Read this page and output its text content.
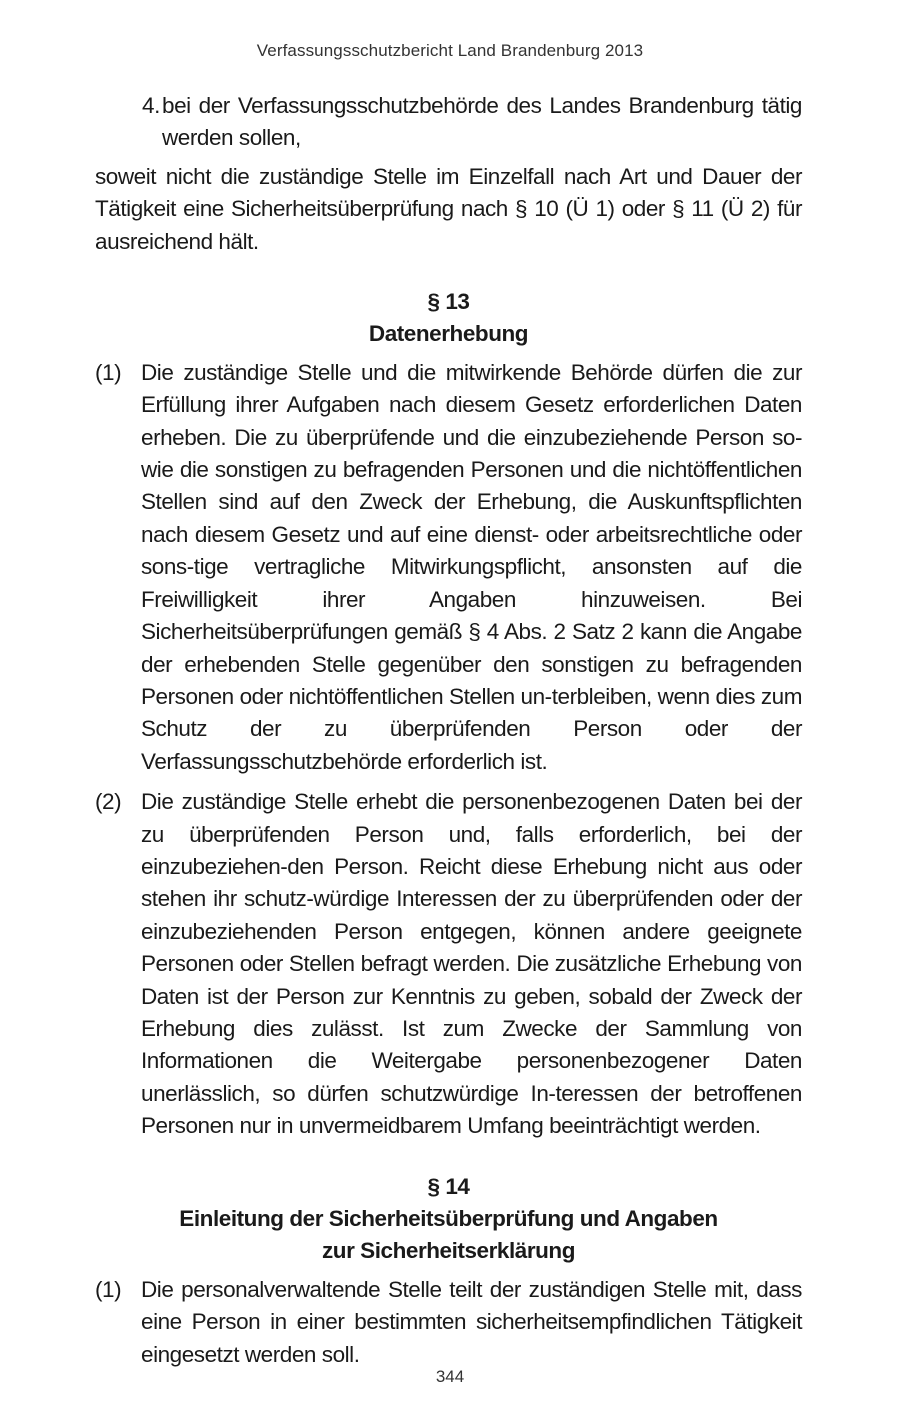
Verfassungsschutzbericht Land Brandenburg 2013
4. bei der Verfassungsschutzbehörde des Landes Brandenburg tätig werden sollen,

soweit nicht die zuständige Stelle im Einzelfall nach Art und Dauer der Tätigkeit eine Sicherheitsüberprüfung nach § 10 (Ü 1) oder § 11 (Ü 2) für ausreichend hält.

§ 13
Datenerhebung
(1) Die zuständige Stelle und die mitwirkende Behörde dürfen die zur Erfüllung ihrer Aufgaben nach diesem Gesetz erforderlichen Daten erheben. Die zu überprüfende und die einzubeziehende Person so-wie die sonstigen zu befragenden Personen und die nichtöffentlichen Stellen sind auf den Zweck der Erhebung, die Auskunftspflichten nach diesem Gesetz und auf eine dienst- oder arbeitsrechtliche oder sons-tige vertragliche Mitwirkungspflicht, ansonsten auf die Freiwilligkeit ihrer Angaben hinzuweisen. Bei Sicherheitsüberprüfungen gemäß § 4 Abs. 2 Satz 2 kann die Angabe der erhebenden Stelle gegenüber den sonstigen zu befragenden Personen oder nichtöffentlichen Stellen un-terbleiben, wenn dies zum Schutz der zu überprüfenden Person oder der Verfassungsschutzbehörde erforderlich ist.
(2) Die zuständige Stelle erhebt die personenbezogenen Daten bei der zu überprüfenden Person und, falls erforderlich, bei der einzubeziehen-den Person. Reicht diese Erhebung nicht aus oder stehen ihr schutz-würdige Interessen der zu überprüfenden oder der einzubeziehenden Person entgegen, können andere geeignete Personen oder Stellen befragt werden. Die zusätzliche Erhebung von Daten ist der Person zur Kenntnis zu geben, sobald der Zweck der Erhebung dies zulässt. Ist zum Zwecke der Sammlung von Informationen die Weitergabe personenbezogener Daten unerlässlich, so dürfen schutzwürdige In-teressen der betroffenen Personen nur in unvermeidbarem Umfang beeinträchtigt werden.
§ 14
Einleitung der Sicherheitsüberprüfung und Angaben
zur Sicherheitserklärung
(1) Die personalverwaltende Stelle teilt der zuständigen Stelle mit, dass eine Person in einer bestimmten sicherheitsempfindlichen Tätigkeit eingesetzt werden soll.
344
